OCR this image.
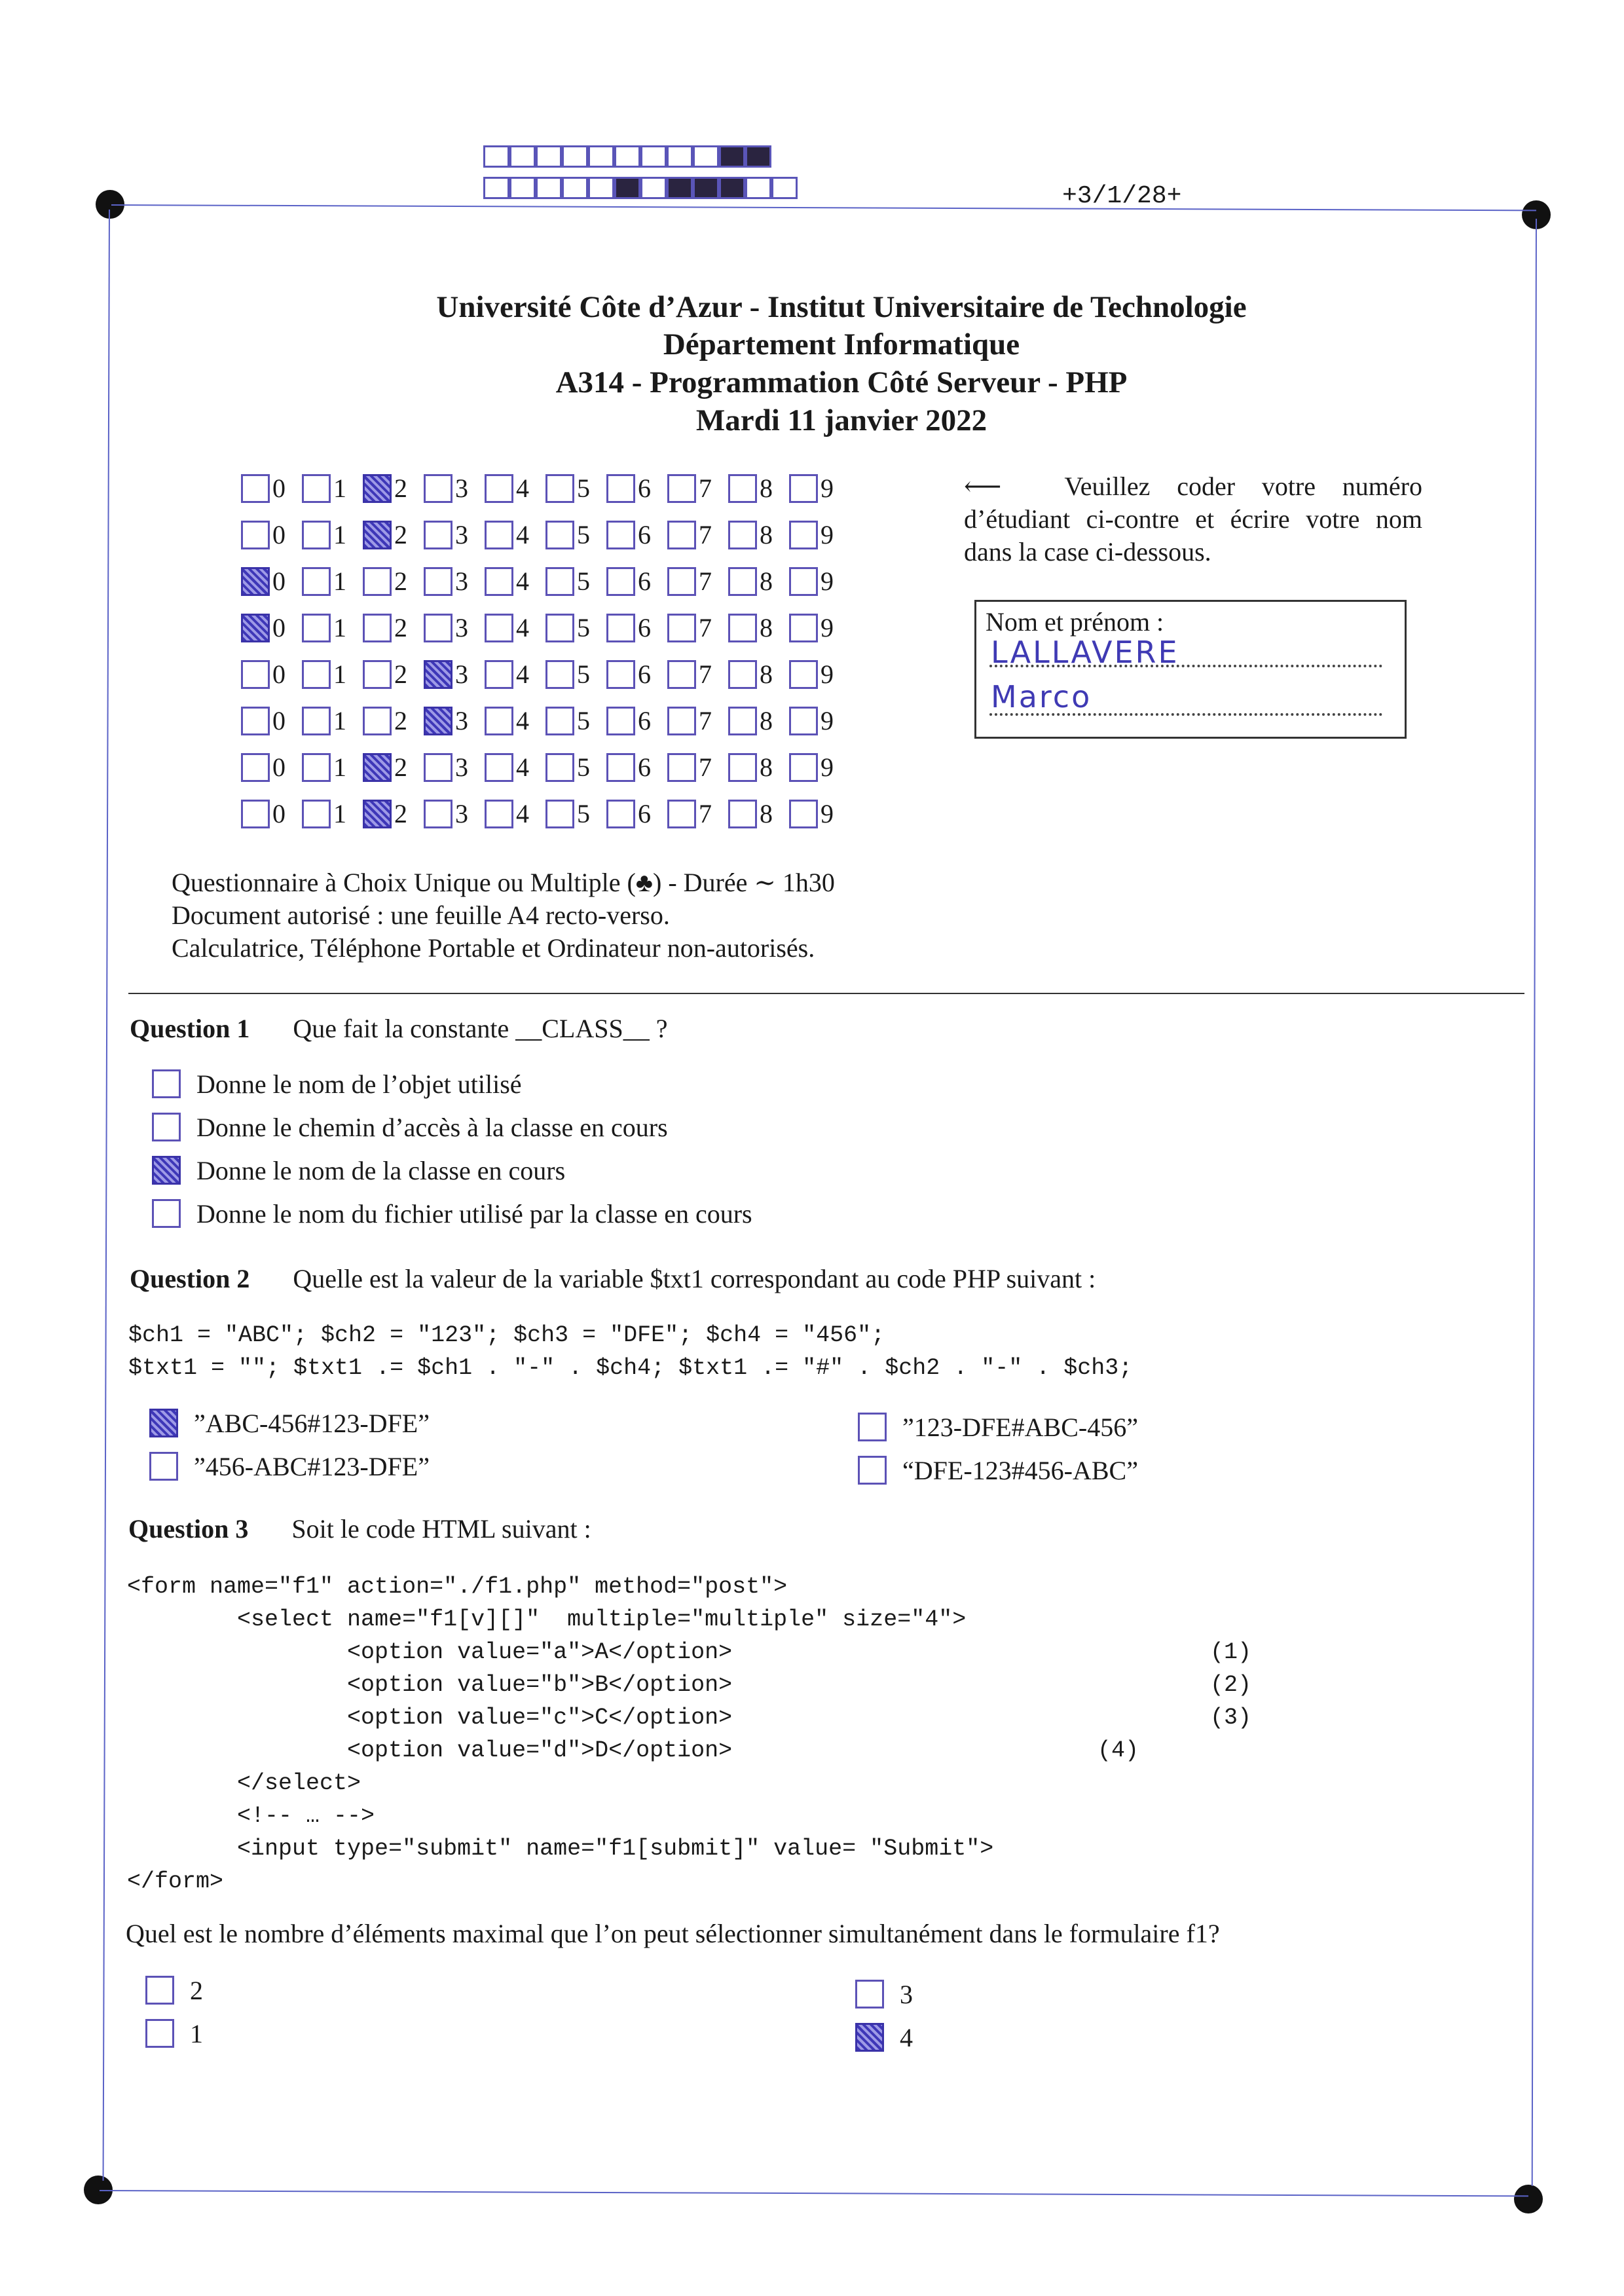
+3/1/28+
Université Côte d’Azur - Institut Universitaire de Technologie
Département Informatique
A314 - Programmation Côté Serveur - PHP
Mardi 11 janvier 2022
0 1 2 3 4 5 6 7 8 9
0 1 2 3 4 5 6 7 8 9
0 1 2 3 4 5 6 7 8 9
0 1 2 3 4 5 6 7 8 9
0 1 2 3 4 5 6 7 8 9
0 1 2 3 4 5 6 7 8 9
0 1 2 3 4 5 6 7 8 9
0 1 2 3 4 5 6 7 8 9
⟵ Veuillez coder votre numéro d’étudiant ci-contre et écrire votre nom dans la case ci-dessous.
Nom et prénom :
LALLAVERE
Marco
Questionnaire à Choix Unique ou Multiple (♣) - Durée ∼ 1h30
Document autorisé : une feuille A4 recto-verso.
Calculatrice, Téléphone Portable et Ordinateur non-autorisés.
Question 1 Que fait la constante __CLASS__ ?
Donne le nom de l’objet utilisé
Donne le chemin d’accès à la classe en cours
Donne le nom de la classe en cours
Donne le nom du fichier utilisé par la classe en cours
Question 2 Quelle est la valeur de la variable $txt1 correspondant au code PHP suivant :
$ch1 = "ABC"; $ch2 = "123"; $ch3 = "DFE"; $ch4 = "456";
$txt1 = ""; $txt1 .= $ch1 . "-" . $ch4; $txt1 .= "#" . $ch2 . "-" . $ch3;
”ABC-456#123-DFE”
”456-ABC#123-DFE”
”123-DFE#ABC-456”
“DFE-123#456-ABC”
Question 3 Soit le code HTML suivant :
<form name="f1" action="./f1.php" method="post">
<select name="f1[v][]"  multiple="multiple" size="4">
<option value="a">A</option>
<option value="b">B</option>
<option value="c">C</option>
<option value="d">D</option>
</select>
<!-- … -->
<input type="submit" name="f1[submit]" value= "Submit">
</form>
(1)
(2)
(3)
(4)
Quel est le nombre d’éléments maximal que l’on peut sélectionner simultanément dans le formulaire f1?
2
1
3
4
